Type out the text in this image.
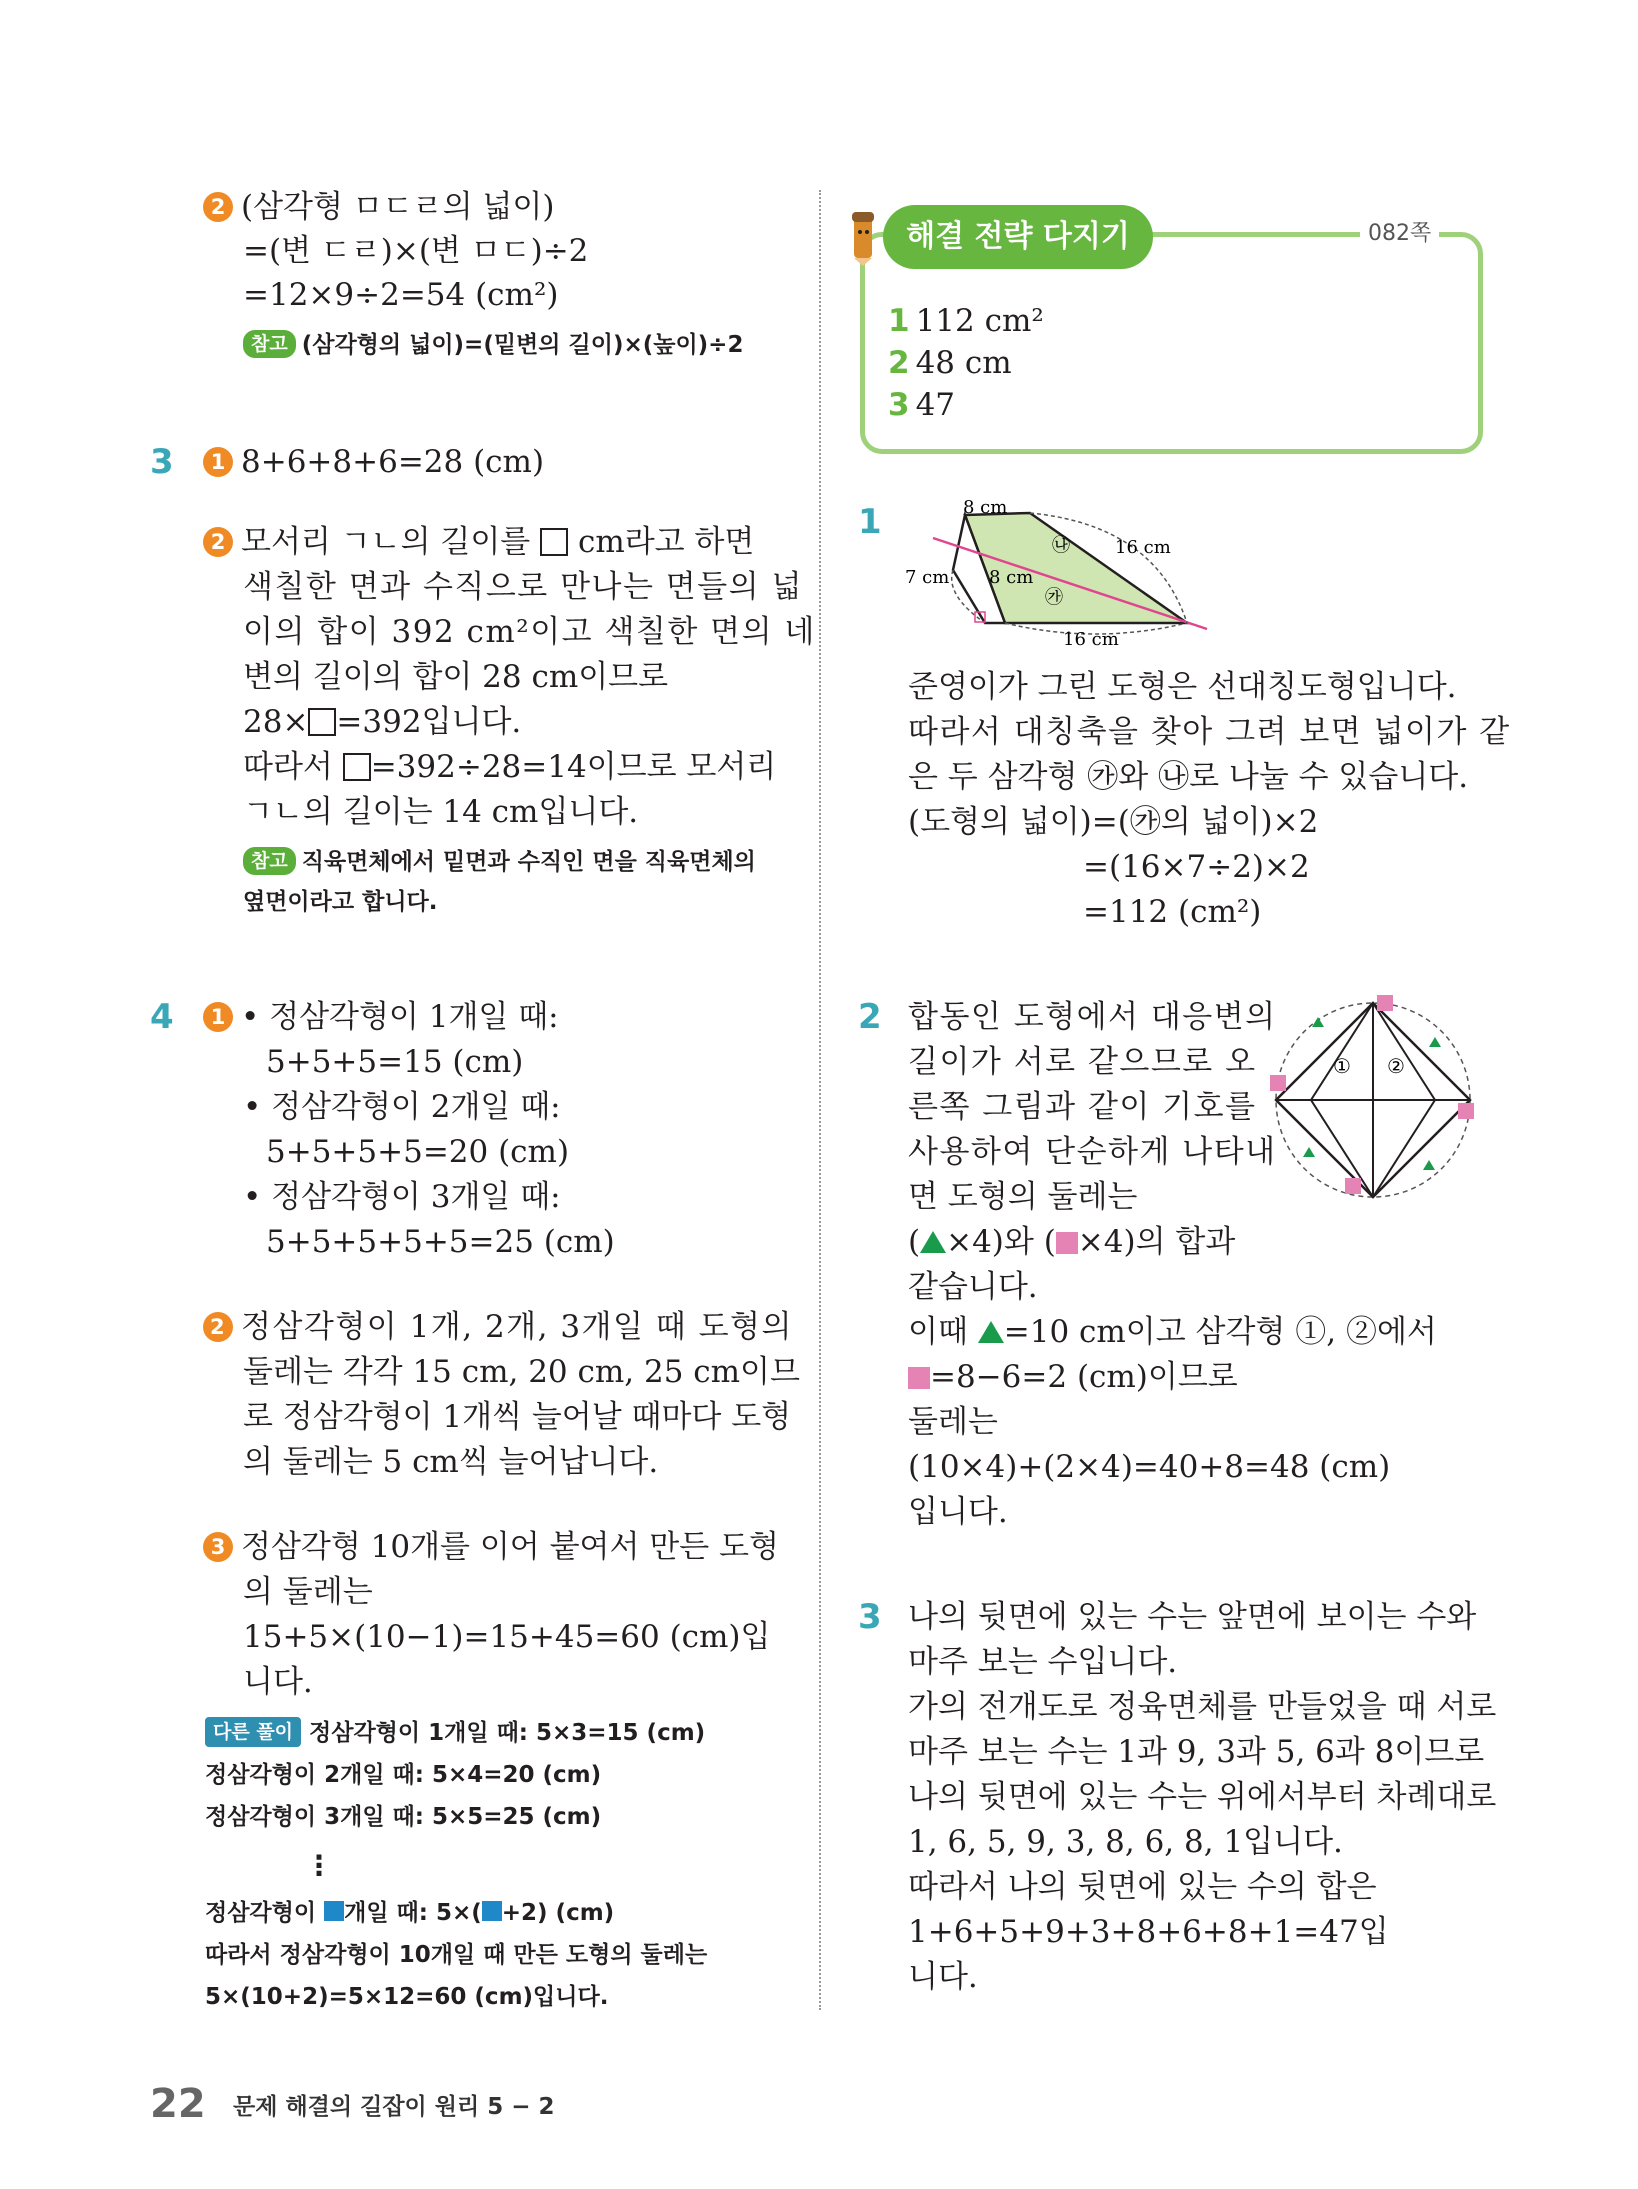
2 (삼각형 ㅁㄷㄹ의 넓이)
=(변 ㄷㄹ)×(변 ㅁㄷ)÷2
=12×9÷2=54 (cm²)
참고 (삼각형의 넓이)=(밑변의 길이)×(높이)÷2
3	1 8+6+8+6=28 (cm)
2 모서리 ㄱㄴ의 길이를 cm라고 하면
색칠한 면과 수직으로 만나는 면들의 넓
이의 합이 392 cm²이고 색칠한 면의 네
변의 길이의 합이 28 cm이므로
28× =392입니다.
따라서 =392÷28=14이므로 모서리
ㄱㄴ의 길이는 14 cm입니다.
참고 직육면체에서 밑면과 수직인 면을 직육면체의
옆면이라고 합니다.
4	1 • 정삼각형이 1개일 때:
5+5+5=15 (cm)
• 정삼각형이 2개일 때:
5+5+5+5=20 (cm)
• 정삼각형이 3개일 때:
5+5+5+5+5=25 (cm)
2 정삼각형이 1개, 2개, 3개일 때 도형의
둘레는 각각 15 cm, 20 cm, 25 cm이므
로 정삼각형이 1개씩 늘어날 때마다 도형
의 둘레는 5 cm씩 늘어납니다.
3 정삼각형 10개를 이어 붙여서 만든 도형
의 둘레는
15+5×(10−1)=15+45=60 (cm)입
니다.
다른 풀이 정삼각형이 1개일 때: 5×3=15 (cm)
정삼각형이 2개일 때: 5×4=20 (cm)
정삼각형이 3개일 때: 5×5=25 (cm)
⋮
정삼각형이 개일 때: 5×( +2) (cm)
따라서 정삼각형이 10개일 때 만든 도형의 둘레는
5×(10+2)=5×12=60 (cm)입니다.
해결 전략 다지기	082쪽
1 112 cm²
2 48 cm
3 47
1	8 cm
16 cm
7 cm 8 cm
16 cm
㉮
㉯
준영이가 그린 도형은 선대칭도형입니다.
따라서 대칭축을 찾아 그려 보면 넓이가 같
은 두 삼각형 ㉮와 ㉯로 나눌 수 있습니다.
(도형의 넓이)=(㉮의 넓이)×2
=(16×7÷2)×2
=112 (cm²)
2 합동인 도형에서 대응변의
길이가 서로 같으므로 오
른쪽 그림과 같이 기호를
사용하여 단순하게 나타내
면 도형의 둘레는
( ×4)와 ( ×4)의 합과
같습니다.
이때 =10 cm이고 삼각형 ①, ②에서
=8−6=2 (cm)이므로
둘레는
(10×4)+(2×4)=40+8=48 (cm)
입니다.
① ②
3 나의 뒷면에 있는 수는 앞면에 보이는 수와
마주 보는 수입니다.
가의 전개도로 정육면체를 만들었을 때 서로
마주 보는 수는 1과 9, 3과 5, 6과 8이므로
나의 뒷면에 있는 수는 위에서부터 차례대로
1, 6, 5, 9, 3, 8, 6, 8, 1입니다.
따라서 나의 뒷면에 있는 수의 합은
1+6+5+9+3+8+6+8+1=47입
니다.
22 문제 해결의 길잡이 원리 5 − 2
